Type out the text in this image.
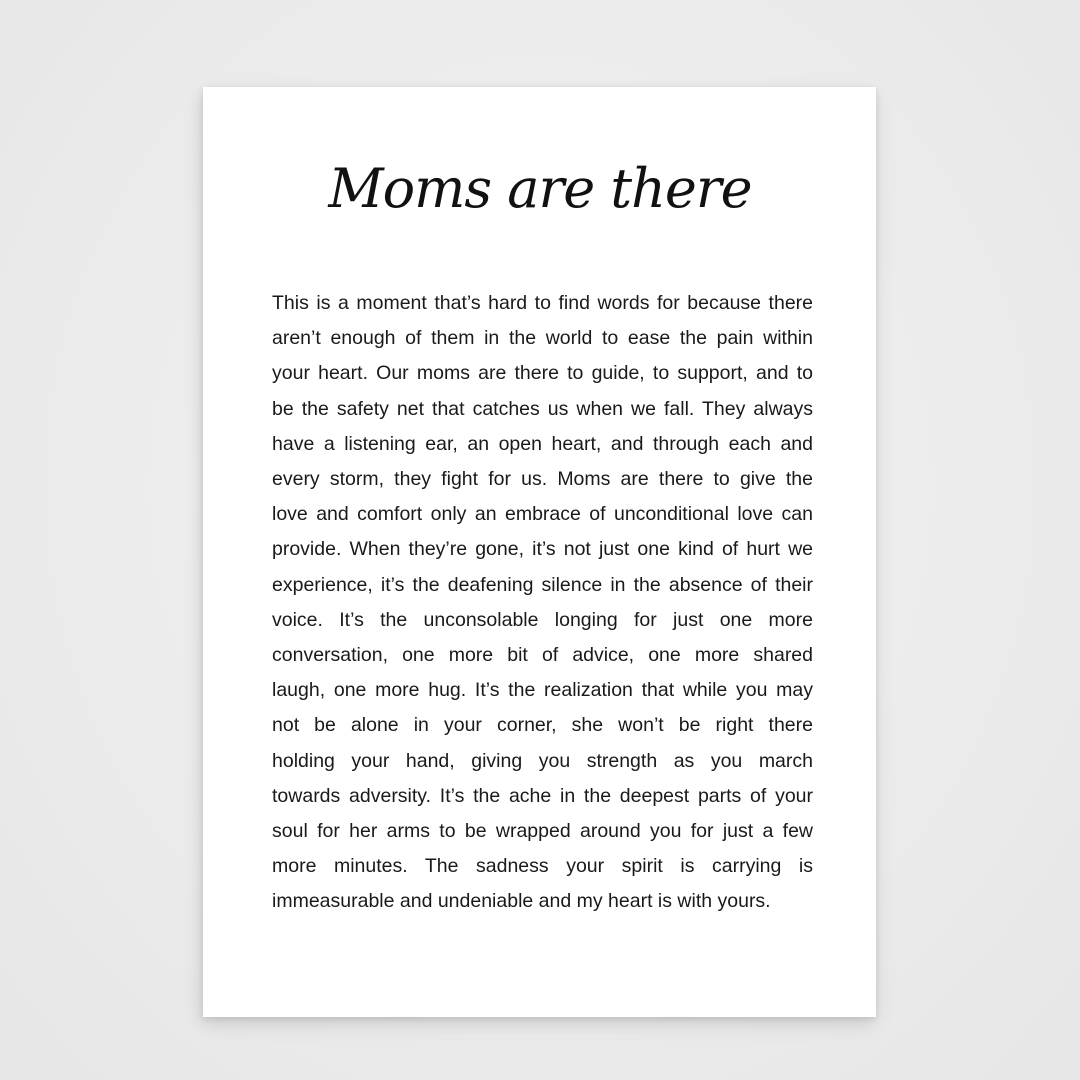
Moms are there
This is a moment that’s hard to find words for because there
aren’t enough of them in the world to ease the pain within
your heart. Our moms are there to guide, to support, and to
be the safety net that catches us when we fall. They always
have a listening ear, an open heart, and through each and
every storm, they fight for us. Moms are there to give the
love and comfort only an embrace of unconditional love can
provide. When they’re gone, it’s not just one kind of hurt we
experience, it’s the deafening silence in the absence of their
voice. It’s the unconsolable longing for just one more
conversation, one more bit of advice, one more shared
laugh, one more hug. It’s the realization that while you may
not be alone in your corner, she won’t be right there
holding your hand, giving you strength as you march
towards adversity. It’s the ache in the deepest parts of your
soul for her arms to be wrapped around you for just a few
more minutes. The sadness your spirit is carrying is
immeasurable and undeniable and my heart is with yours.
